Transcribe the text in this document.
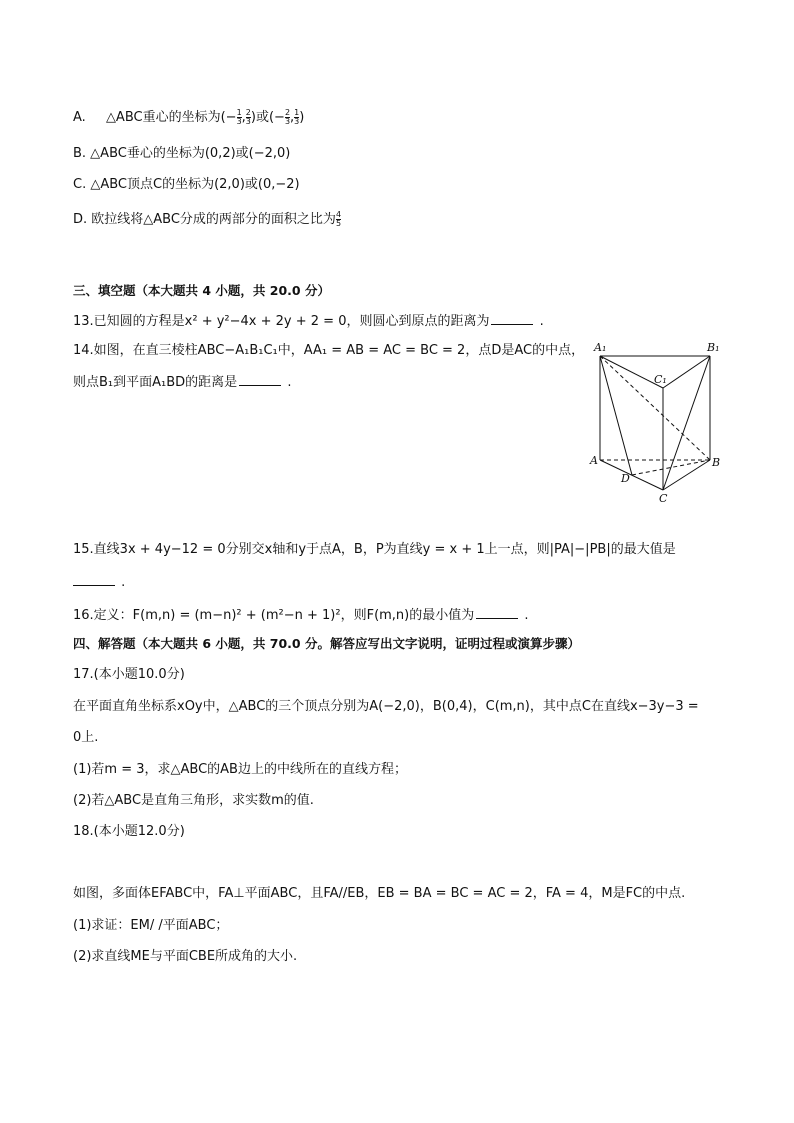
A. △ABC重心的坐标为(− $\frac{1}{3}$ , $\frac{2}{3}$ )或(− $\frac{2}{3}$ , $\frac{1}{3}$ )
B. △ABC垂心的坐标为(0,2)或(−2,0)
C. △ABC顶点C的坐标为(2,0)或(0,−2)
D. 欧拉线将△ABC分成的两部分的面积之比为 $\frac{4}{5}$
三、填空题（本大题共 4 小题，共 20.0 分）
13.已知圆的方程是x² + y²−4x + 2y + 2 = 0，则圆心到原点的距离为	.
14.如图，在直三棱柱ABC−A₁B₁C₁中，AA₁ = AB = AC = BC = 2，点D是AC的中点，
则点B₁到平面A₁BD的距离是	.
A₁	B₁
C₁
A	B
C
D
15.直线3x + 4y−12 = 0分别交x轴和y于点A，B，P为直线y = x + 1上一点，则|PA|−|PB|的最大值是
.
16.定义：F(m,n) = (m−n)² + (m²−n + 1)²，则F(m,n)的最小值为	.
四、解答题（本大题共 6 小题，共 70.0 分。解答应写出文字说明，证明过程或演算步骤）
17.(本小题10.0分)
在平面直角坐标系xOy中，△ABC的三个顶点分别为A(−2,0)，B(0,4)，C(m,n)，其中点C在直线x−3y−3 =
0上.
(1)若m = 3，求△ABC的AB边上的中线所在的直线方程；
(2)若△ABC是直角三角形，求实数m的值.
18.(本小题12.0分)
如图，多面体EFABC中，FA⊥平面ABC，且FA//EB，EB = BA = BC = AC = 2，FA = 4，M是FC的中点.
(1)求证：EM/ /平面ABC；
(2)求直线ME与平面CBE所成角的大小.
